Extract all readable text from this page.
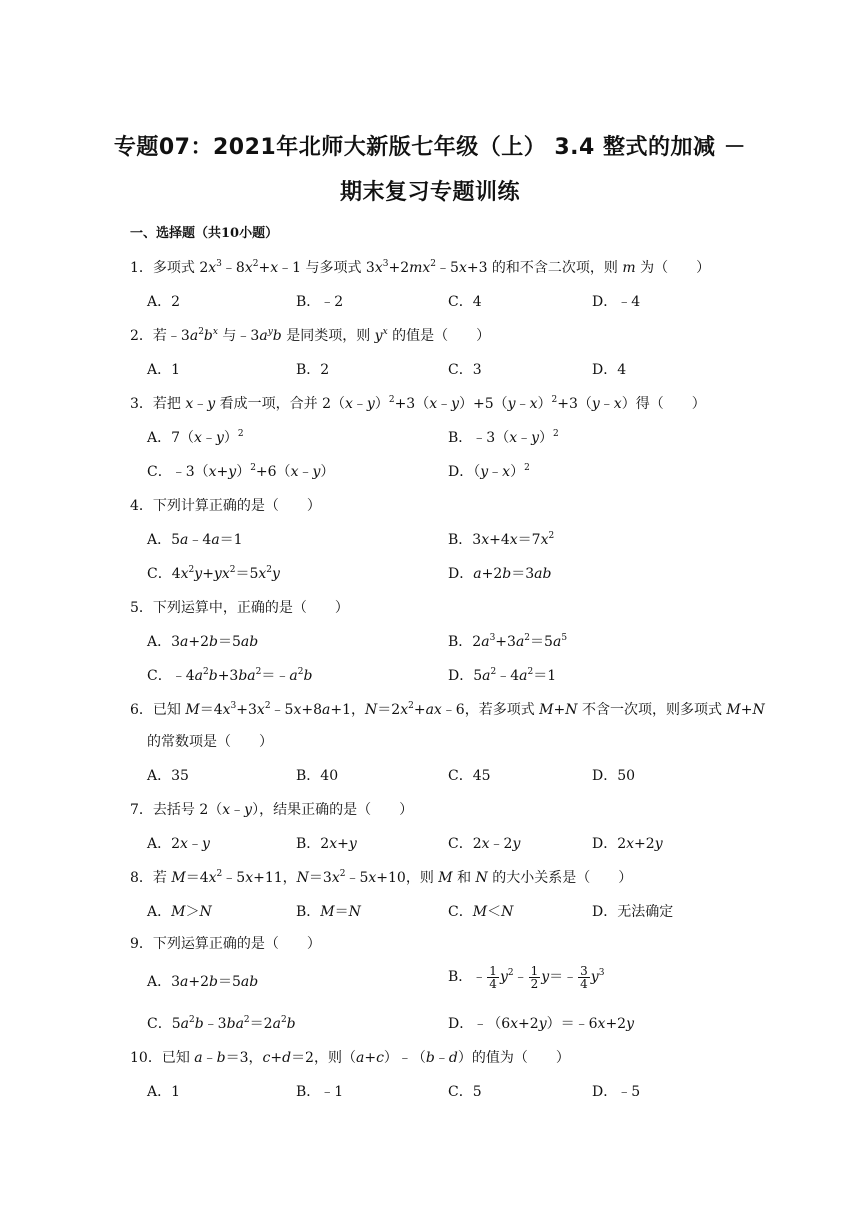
专题07：2021年北师大新版七年级（上） 3.4 整式的加减 －
期末复习专题训练
一、选择题（共10小题）
1．多项式 $2x^3﹣8x^2+x﹣1$ 与多项式 $3x^3+2mx^2﹣5x+3$ 的和不含二次项，则 m 为（　　）
A．2	B．﹣2	C．4	D．﹣4
2．若$﹣3a^2b^x$ 与$﹣3a^yb$ 是同类项，则 $y^x$ 的值是（　　）
A．1	B．2	C．3	D．4
3．若把 x﹣y 看成一项，合并 2（x﹣y）$^2$+3（x﹣y）+5（y﹣x）$^2$+3（y﹣x）得（　　）
A．7（x﹣y）$^2$	B．﹣3（x﹣y）$^2$
C．$﹣3(x+y)^2+6(x﹣y)$	D．（y﹣x）$^2$
4．下列计算正确的是（　　）
A．5a﹣4a＝1	B．$3x+4x=7x^2$
C．$4x^2y+yx^2=5x^2y$	D．a+2b＝3ab
5．下列运算中，正确的是（　　）
A．3a+2b＝5ab	B．$2a^3+3a^2=5a^5$
C．$﹣4a^2b+3ba^2=﹣a^2b$	D．$5a^2﹣4a^2=1$
6．已知 $M=4x^3+3x^2﹣5x+8a+1$，$N=2x^2+ax﹣6$，若多项式 M+N 不含一次项，则多项式 M+N
的常数项是（　　）
A．35	B．40	C．45	D．50
7．去括号 2（x﹣y），结果正确的是（　　）
A．2x﹣y	B．2x+y	C．2x﹣2y	D．2x+2y
8．若 $M=4x^2﹣5x+11$，$N=3x^2﹣5x+10$，则 M 和 N 的大小关系是（　　）
A．M＞N	B．M＝N	C．M＜N	D．无法确定
9．下列运算正确的是（　　）
A．3a+2b＝5ab	B．﹣ $\frac{1}{4}$ $y^2﹣ \frac{1}{2}$ y＝﹣ $\frac{3}{4} y^3$
C．$5a^2b﹣3ba^2=2a^2b$	D．﹣（6x+2y）＝﹣6x+2y
10．已知 a﹣b＝3，c+d＝2，则（a+c）﹣（b﹣d）的值为（　　）
A．1	B．﹣1	C．5	D．﹣5
